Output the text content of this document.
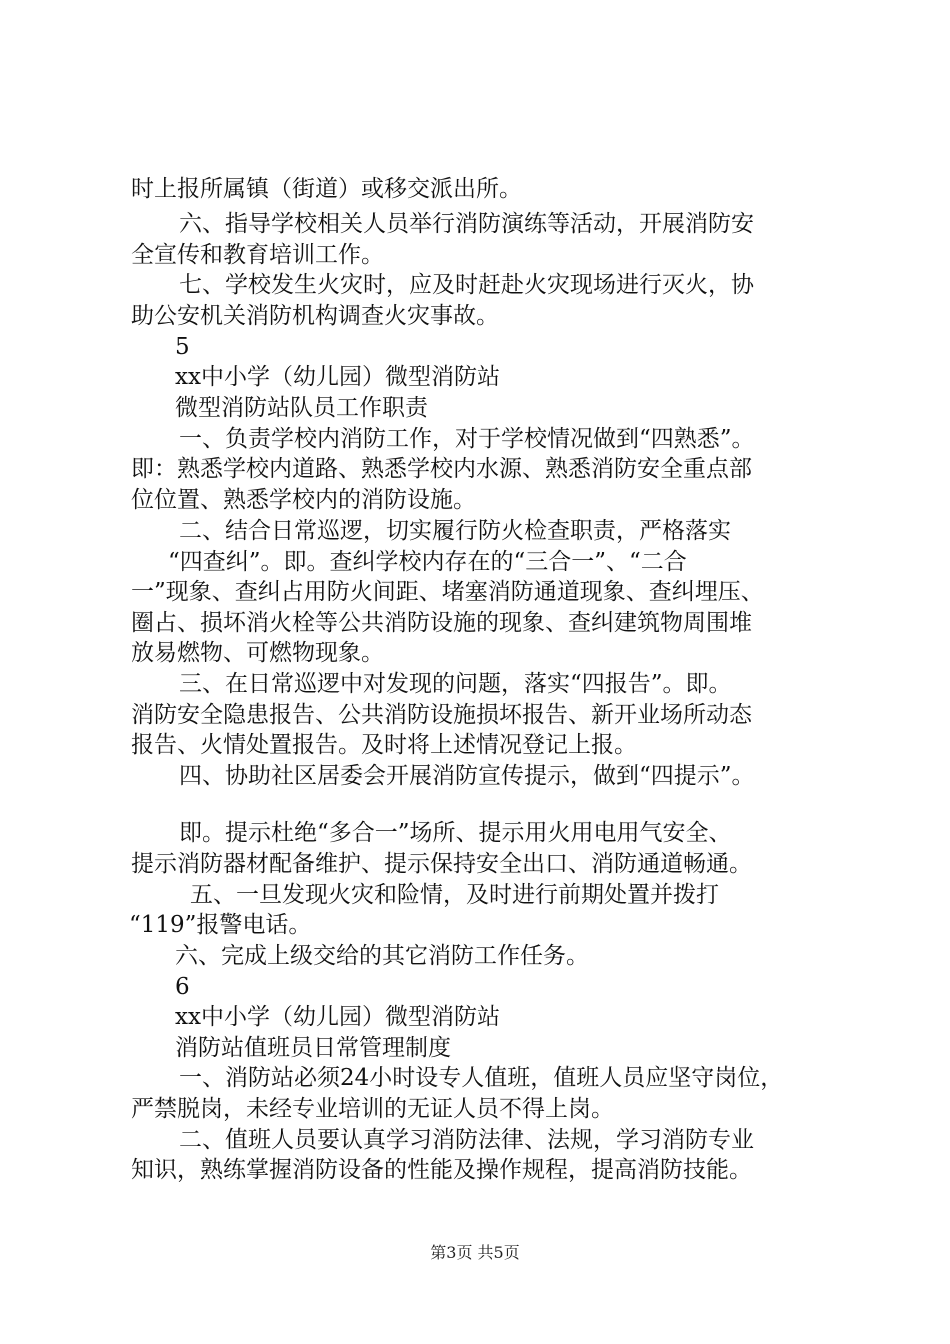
时上报所属镇（街道）或移交派出所。
六、指导学校相关人员举行消防演练等活动，开展消防安
全宣传和教育培训工作。
七、学校发生火灾时，应及时赶赴火灾现场进行灭火，协
助公安机关消防机构调查火灾事故。
5
xx中小学（幼儿园）微型消防站
微型消防站队员工作职责
一、负责学校内消防工作，对于学校情况做到“四熟悉”。
即：熟悉学校内道路、熟悉学校内水源、熟悉消防安全重点部
位位置、熟悉学校内的消防设施。
二、结合日常巡逻，切实履行防火检查职责，严格落实
“四查纠”。即。查纠学校内存在的“三合一”、“二合
一”现象、查纠占用防火间距、堵塞消防通道现象、查纠埋压、
圈占、损坏消火栓等公共消防设施的现象、查纠建筑物周围堆
放易燃物、可燃物现象。
三、在日常巡逻中对发现的问题，落实“四报告”。即。
消防安全隐患报告、公共消防设施损坏报告、新开业场所动态
报告、火情处置报告。及时将上述情况登记上报。
四、协助社区居委会开展消防宣传提示，做到“四提示”。
即。提示杜绝“多合一”场所、提示用火用电用气安全、
提示消防器材配备维护、提示保持安全出口、消防通道畅通。
五、一旦发现火灾和险情，及时进行前期处置并拨打
“119”报警电话。
六、完成上级交给的其它消防工作任务。
6
xx中小学（幼儿园）微型消防站
消防站值班员日常管理制度
一、消防站必须24小时设专人值班，值班人员应坚守岗位，
严禁脱岗，未经专业培训的无证人员不得上岗。
二、值班人员要认真学习消防法律、法规，学习消防专业
知识，熟练掌握消防设备的性能及操作规程，提高消防技能。
第3页 共5页
